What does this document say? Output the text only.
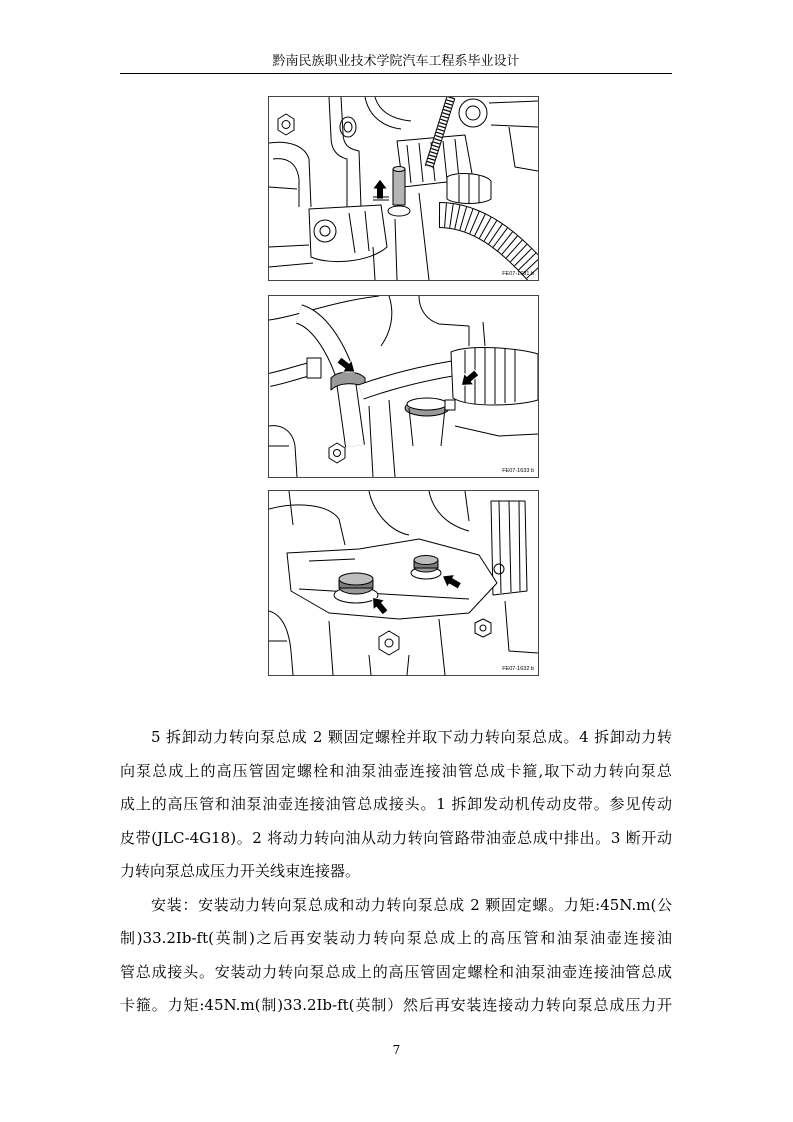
黔南民族职业技术学院汽车工程系毕业设计
FE07-1631 b
FE07-1633 b
FE07-1632 b
5 拆卸动力转向泵总成 2 颗固定螺栓并取下动力转向泵总成。4 拆卸动力转
向泵总成上的高压管固定螺栓和油泵油壶连接油管总成卡箍,取下动力转向泵总
成上的高压管和油泵油壶连接油管总成接头。1 拆卸发动机传动皮带。参见传动
皮带(JLC-4G18)。2 将动力转向油从动力转向管路带油壶总成中排出。3 断开动
力转向泵总成压力开关线束连接器。
安装：安装动力转向泵总成和动力转向泵总成 2 颗固定螺。力矩:45N.m(公
制)33.2Ib-ft(英制)之后再安装动力转向泵总成上的高压管和油泵油壶连接油
管总成接头。安装动力转向泵总成上的高压管固定螺栓和油泵油壶连接油管总成
卡箍。力矩:45N.m(制)33.2Ib-ft(英制）然后再安装连接动力转向泵总成压力开
7
